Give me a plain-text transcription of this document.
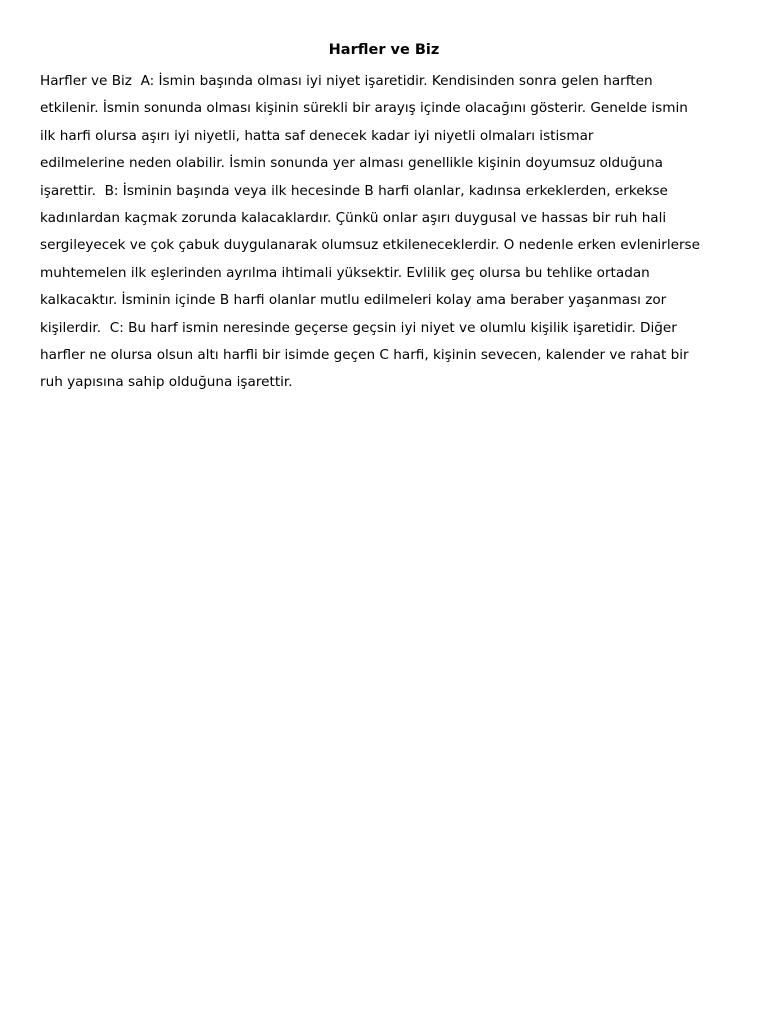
Harfler ve Biz

Harfler ve Biz  A: İsmin başında olması iyi niyet işaretidir. Kendisinden sonra gelen harften
etkilenir. İsmin sonunda olması kişinin sürekli bir arayış içinde olacağını gösterir. Genelde ismin
ilk harfi olursa aşırı iyi niyetli, hatta saf denecek kadar iyi niyetli olmaları istismar
edilmelerine neden olabilir. İsmin sonunda yer alması genellikle kişinin doyumsuz olduğuna
işarettir.  B: İsminin başında veya ilk hecesinde B harfi olanlar, kadınsa erkeklerden, erkekse
kadınlardan kaçmak zorunda kalacaklardır. Çünkü onlar aşırı duygusal ve hassas bir ruh hali
sergileyecek ve çok çabuk duygulanarak olumsuz etkileneceklerdir. O nedenle erken evlenirlerse
muhtemelen ilk eşlerinden ayrılma ihtimali yüksektir. Evlilik geç olursa bu tehlike ortadan
kalkacaktır. İsminin içinde B harfi olanlar mutlu edilmeleri kolay ama beraber yaşanması zor
kişilerdir.  C: Bu harf ismin neresinde geçerse geçsin iyi niyet ve olumlu kişilik işaretidir. Diğer
harfler ne olursa olsun altı harfli bir isimde geçen C harfi, kişinin sevecen, kalender ve rahat bir
ruh yapısına sahip olduğuna işarettir.
